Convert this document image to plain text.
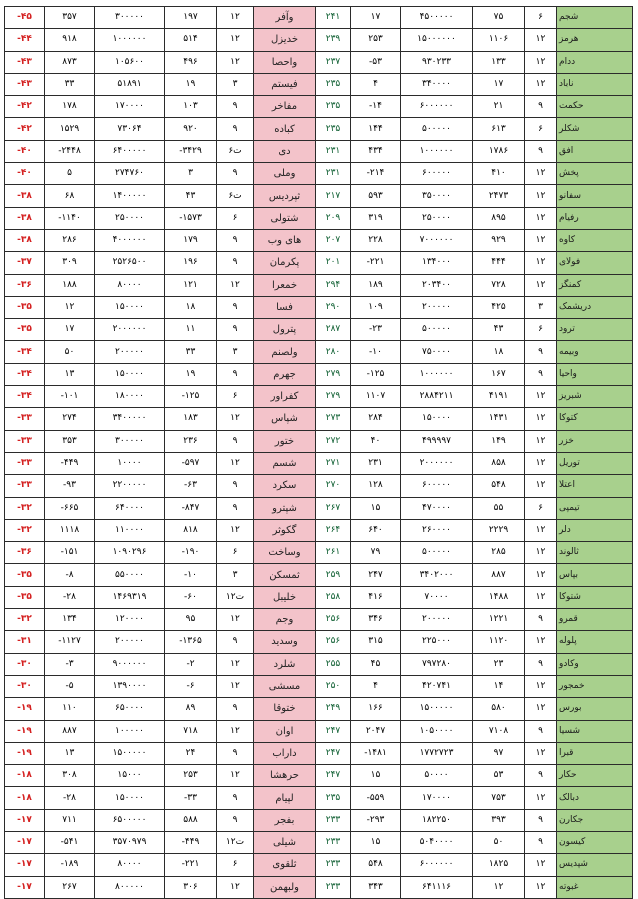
-۴۵	۳۵۷	۳۰۰۰۰۰	۱۹۷	۱۲	وآفر	۲۴۱	۱۷	۴۵۰۰۰۰۰	۷۵	۶	شجم
-۴۴	۹۱۸	۱۰۰۰۰۰۰	۵۱۴	۱۲	خدیزل	۲۳۹	۲۵۳	۱۵۰۰۰۰۰۰	۱۱۰۶	۱۲	هرمز
-۴۳	۸۷۳	۱۰۵۶۰۰	۴۹۶	۱۲	واحصا	۲۳۷	-۵۳	۹۳۰۲۳۳	۱۳۳	۱۲	ددام
-۴۳	۳۳	۵۱۸۹۱	۱۹	۳	فیستم	۲۳۵	۴	۳۴۰۰۰۰	۱۷	۱۲	ناباد
-۴۲	۱۷۸	۱۷۰۰۰۰	۱۰۳	۹	مفاخر	۲۳۵	-۱۴	۶۰۰۰۰۰۰	۲۱	۹	حکمت
-۴۲	۱۵۲۹	۷۳۰۶۴	۹۲۰	۹	کباده	۲۳۵	۱۴۴	۵۰۰۰۰۰	۶۱۳	۶	شکلر
-۴۰	-۲۴۴۸	۶۴۰۰۰۰۰	-۳۴۲۹	۶ت	دی	۲۳۱	۴۳۴	۱۰۰۰۰۰۰	۱۷۸۶	۹	افق
-۴۰	۵	۲۷۴۷۶۰	۳	۹	وملی	۲۳۱	-۲۱۴	۶۰۰۰۰۰	۴۱۰	۱۲	پخش
-۳۸	۶۸	۱۴۰۰۰۰۰	۴۳	۶ت	ثپردیس	۲۱۷	۵۹۳	۳۵۰۰۰۰	۲۴۷۳	۱۲	سفانو
-۳۸	-۱۱۴۰	۲۵۰۰۰۰	-۱۵۷۳	۶	شتولی	۲۰۹	۳۱۹	۲۵۰۰۰۰	۸۹۵	۱۲	رفیام
-۳۸	۲۸۶	۴۰۰۰۰۰۰	۱۷۹	۹	های وب	۲۰۷	۲۲۸	۷۰۰۰۰۰۰	۹۲۹	۱۲	کاوه
-۳۷	۳۰۹	۲۵۲۶۵۰۰	۱۹۶	۹	پکرمان	۲۰۱	-۲۲۱	۱۳۴۰۰۰	۴۴۴	۱۲	فولای
-۳۶	۱۸۸	۸۰۰۰۰	۱۲۱	۱۲	خمعرا	۲۹۴	۱۸۹	۲۰۳۴۰۰	۷۲۸	۱۲	کمنگز
-۳۵	۱۲	۱۵۰۰۰۰	۱۸	۹	فسا	۲۹۰	۱۰۹	۲۰۰۰۰۰	۴۲۵	۳	دریشمک
-۳۵	۱۷	۲۰۰۰۰۰۰	۱۱	۹	پترول	۲۸۷	-۲۳	۵۰۰۰۰۰	۴۳	۶	ترود
-۳۴	۵۰	۲۰۰۰۰۰	۳۳	۳	ولصنم	۲۸۰	-۱۰	۷۵۰۰۰۰	۱۸	۹	وبیمه
-۳۴	۱۳	۱۵۰۰۰۰	۱۹	۹	جهرم	۲۷۹	-۱۲۵	۱۰۰۰۰۰۰	۱۶۷	۹	واحیا
-۳۴	-۱۰۱	۱۸۰۰۰۰	-۱۲۵	۶	کفراور	۲۷۹	۱۱۰۷	۲۸۸۴۲۱۱	۴۱۹۱	۱۲	شبریز
-۳۳	۲۷۴	۳۴۰۰۰۰۰	۱۸۳	۱۲	شپاس	۲۷۳	۲۸۴	۱۵۰۰۰۰	۱۴۳۱	۱۲	کتوکا
-۳۳	۳۵۳	۳۰۰۰۰۰	۲۳۶	۹	ختور	۲۷۲	۴۰	۴۹۹۹۹۷	۱۴۹	۱۲	خزر
-۳۳	-۴۴۹	۱۰۰۰۰	-۵۹۷	۱۲	شسم	۲۷۱	۲۳۱	۲۰۰۰۰۰۰	۸۵۸	۱۲	توریل
-۳۳	-۹۳	۲۲۰۰۰۰۰	-۶۳	۹	سکرد	۲۷۰	۱۲۸	۶۰۰۰۰۰	۵۴۸	۱۲	اعتلا
-۳۲	-۶۶۵	۶۴۰۰۰۰	-۸۴۷	۹	شپترو	۲۶۷	۱۵	۴۷۰۰۰۰	۵۵	۶	تیمپی
-۳۲	۱۱۱۸	۱۱۰۰۰۰	۸۱۸	۱۲	گکوثر	۲۶۴	۶۴۰	۲۶۰۰۰۰	۲۲۲۹	۱۲	دلر
-۳۶	-۱۵۱	۱۰۹۰۲۹۶	-۱۹۰	۶	وساخت	۲۶۱	۷۹	۵۰۰۰۰۰	۲۸۵	۱۲	ثالوند
-۳۵	-۸	۵۵۰۰۰۰	-۱۰	۳	ثمسکن	۲۵۹	۲۴۷	۳۴۰۲۰۰۰	۸۸۷	۱۲	بپاس
-۳۵	-۲۸	۱۴۶۹۳۱۹	-۶۰	۱۲ت	خلیبل	۲۵۸	۴۱۶	۷۰۰۰۰	۱۴۸۸	۱۲	شتوکا
-۳۲	۱۳۴	۱۲۰۰۰۰	۹۵	۱۲	وجم	۲۵۶	۳۴۶	۲۰۰۰۰۰	۱۲۲۱	۹	قمرو
-۳۱	-۱۱۲۷	۲۰۰۰۰۰	-۱۳۶۵	۹	وسدید	۲۵۶	۳۱۵	۲۲۵۰۰۰	۱۱۲۰	۱۲	پلوله
-۳۰	-۳	۹۰۰۰۰۰۰	-۲	۱۲	شلرد	۲۵۵	۴۵	۷۹۷۲۸۰	۲۳	۹	وکادو
-۳۰	-۵	۱۳۹۰۰۰۰	-۶	۱۲	مسشی	۲۵۰	۴	۴۲۰۷۴۱	۱۴	۱۲	خمجور
-۱۹	۱۱۰	۶۵۰۰۰۰	۸۹	۹	ختوقا	۲۴۹	۱۶۶	۱۵۰۰۰۰۰	۵۸۰	۱۲	بورس
-۱۹	۸۸۷	۱۰۰۰۰۰	۷۱۸	۱۲	اوان	۲۴۷	۲۰۴۷	۱۰۵۰۰۰۰	۷۱۰۸	۹	شسیا
-۱۹	۱۳	۱۵۰۰۰۰۰	۲۴	۹	داراب	۲۴۷	-۱۴۸۱	۱۷۷۲۷۲۳	۹۷	۱۲	قبرا
-۱۸	۳۰۸	۱۵۰۰۰	۲۵۳	۱۲	حرهشا	۲۴۷	۱۵	۵۰۰۰۰	۵۳	۹	حکار
-۱۸	-۲۸	۱۵۰۰۰۰	-۳۳	۹	لپیام	۲۳۵	-۵۵۹	۱۷۰۰۰۰	۷۵۳	۱۲	دبالک
-۱۷	۷۱۱	۶۵۰۰۰۰۰	۵۸۸	۹	بفجر	۲۳۳	-۲۹۳	۱۸۲۲۵۰	۳۹۳	۹	جکارن
-۱۷	-۵۴۱	۳۵۷۰۹۷۹	-۴۴۹	۱۲ت	شیلی	۲۳۳	۱۵	۵۰۴۰۰۰۰	۵۰	۹	کیسون
-۱۷	-۱۸۹	۸۰۰۰۰	-۲۲۱	۶	ثلقوی	۲۳۳	۵۴۸	۶۰۰۰۰۰۰	۱۸۲۵	۱۲	شپدیس
-۱۷	۲۶۷	۸۰۰۰۰۰	۳۰۶	۱۲	ولبهمن	۲۳۳	۳۴۳	۶۴۱۱۱۶	۱۲	۱۲	غبوته
